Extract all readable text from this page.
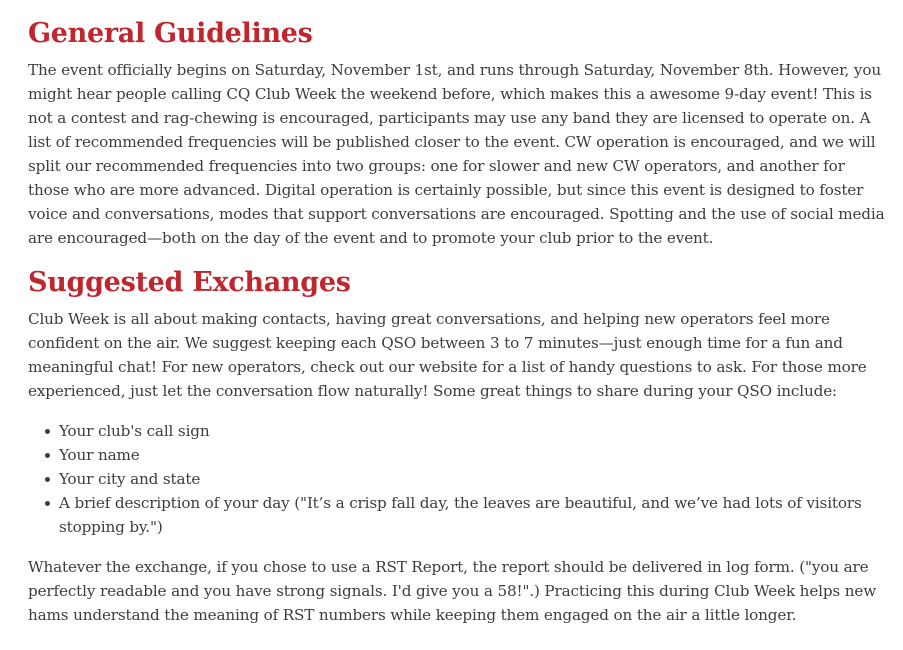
General Guidelines

The event officially begins on Saturday, November 1st, and runs through Saturday, November 8th. However, you might hear people calling CQ Club Week the weekend before, which makes this a awesome 9-day event! This is not a contest and rag-chewing is encouraged, participants may use any band they are licensed to operate on. A list of recommended frequencies will be published closer to the event. CW operation is encouraged, and we will split our recommended frequencies into two groups: one for slower and new CW operators, and another for those who are more advanced. Digital operation is certainly possible, but since this event is designed to foster voice and conversations, modes that support conversations are encouraged. Spotting and the use of social media are encouraged—both on the day of the event and to promote your club prior to the event.

Suggested Exchanges

Club Week is all about making contacts, having great conversations, and helping new operators feel more confident on the air. We suggest keeping each QSO between 3 to 7 minutes—just enough time for a fun and meaningful chat! For new operators, check out our website for a list of handy questions to ask. For those more experienced, just let the conversation flow naturally! Some great things to share during your QSO include:

Your club's call sign
Your name
Your city and state
A brief description of your day ("It’s a crisp fall day, the leaves are beautiful, and we’ve had lots of visitors stopping by.")

Whatever the exchange, if you chose to use a RST Report, the report should be delivered in log form. ("you are perfectly readable and you have strong signals. I'd give you a 58!".) Practicing this during Club Week helps new hams understand the meaning of RST numbers while keeping them engaged on the air a little longer.
